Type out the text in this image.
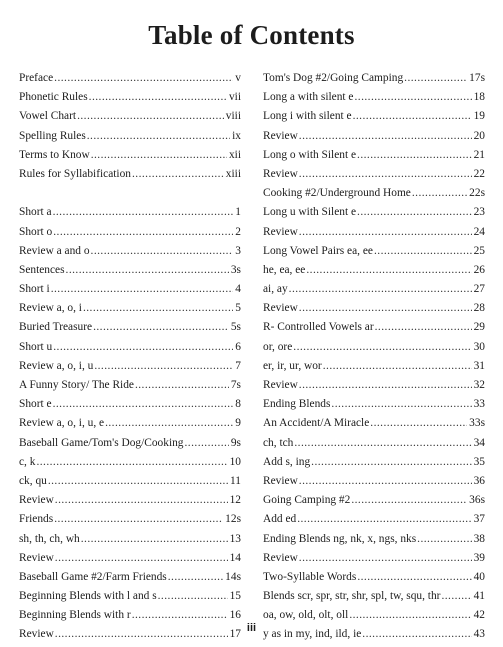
Table of Contents
Preface . . .	v
Phonetic Rules . . .	vii
Vowel Chart . . .	viii
Spelling Rules . . .	ix
Terms to Know . . .	xii
Rules for Syllabification . . .	xiii
Short a . . .	1
Short o . . .	2
Review a and o . . .	3
Sentences . . .	3s
Short i . . .	4
Review a, o, i . . .	5
Buried Treasure . . .	5s
Short u . . .	6
Review a, o, i, u . . .	7
A Funny Story/ The Ride . . .	7s
Short e . . .	8
Review a, o, i, u, e . . .	9
Baseball Game/Tom's Dog/Cooking . . .	9s
c, k . . .	10
ck, qu . . .	11
Review . . .	12
Friends . . .	12s
sh, th, ch, wh . . .	13
Review . . .	14
Baseball Game #2/Farm Friends . . .	14s
Beginning Blends with l and s . . .	15
Beginning Blends with r . . .	16
Review . . .	17
Tom's Dog #2/Going Camping . . .	17s
Long a with silent e . . .	18
Long i with silent e . . .	19
Review . . .	20
Long o with Silent e . . .	21
Review . . .	22
Cooking #2/Underground Home . . .	22s
Long u with Silent e . . .	23
Review . . .	24
Long Vowel Pairs ea, ee . . .	25
he, ea, ee . . .	26
ai, ay . . .	27
Review . . .	28
R- Controlled Vowels ar . . .	29
or, ore . . .	30
er, ir, ur, wor . . .	31
Review . . .	32
Ending Blends . . .	33
An Accident/A Miracle . . .	33s
ch, tch . . .	34
Add s, ing . . .	35
Review . . .	36
Going Camping #2 . . .	36s
Add ed . . .	37
Ending Blends ng, nk, x, ngs, nks . . .	38
Review . . .	39
Two-Syllable Words . . .	40
Blends scr, spr, str, shr, spl, tw, squ, thr . . .	41
oa, ow, old, olt, oll . . .	42
y as in my, ind, ild, ie . . .	43
iii
